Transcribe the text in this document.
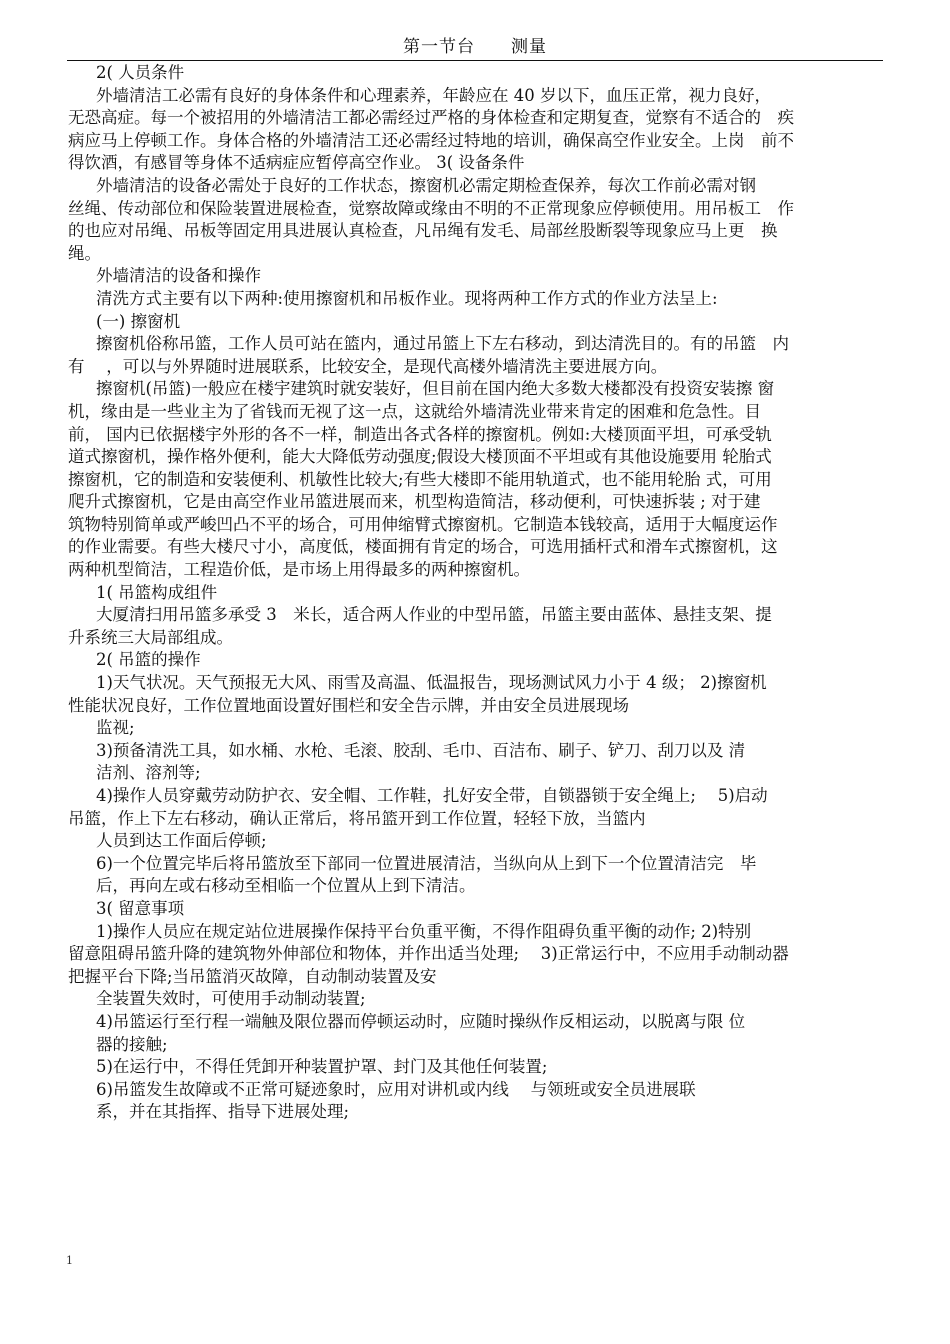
第一节台　　测量

2( 人员条件

外墙清洁工必需有良好的身体条件和心理素养，年龄应在 40 岁以下，血压正常，视力良好，

无恐高症。每一个被招用的外墙清洁工都必需经过严格的身体检查和定期复查，觉察有不适合的　疾

病应马上停顿工作。身体合格的外墙清洁工还必需经过特地的培训，确保高空作业安全。上岗　前不

得饮酒，有感冒等身体不适病症应暂停高空作业。 3( 设备条件

外墙清洁的设备必需处于良好的工作状态，擦窗机必需定期检查保养，每次工作前必需对钢

丝绳、传动部位和保险装置进展检查，觉察故障或缘由不明的不正常现象应停顿使用。用吊板工　作

的也应对吊绳、吊板等固定用具进展认真检查，凡吊绳有发毛、局部丝股断裂等现象应马上更　换

绳。

外墙清洁的设备和操作

清洗方式主要有以下两种:使用擦窗机和吊板作业。现将两种工作方式的作业方法呈上:

(一) 擦窗机

擦窗机俗称吊篮，工作人员可站在篮内，通过吊篮上下左右移动，到达清洗目的。有的吊篮　内

有　 ，可以与外界随时进展联系，比较安全，是现代高楼外墙清洗主要进展方向。

擦窗机(吊篮)一般应在楼宇建筑时就安装好，但目前在国内绝大多数大楼都没有投资安装擦 窗

机，缘由是一些业主为了省钱而无视了这一点，这就给外墙清洗业带来肯定的困难和危急性。目

前， 国内已依据楼宇外形的各不一样，制造出各式各样的擦窗机。例如:大楼顶面平坦，可承受轨

道式擦窗机，操作格外便利，能大大降低劳动强度;假设大楼顶面不平坦或有其他设施要用 轮胎式

擦窗机，它的制造和安装便利、机敏性比较大;有些大楼即不能用轨道式，也不能用轮胎 式，可用

爬升式擦窗机，它是由高空作业吊篮进展而来，机型构造简洁，移动便利，可快速拆装 ; 对于建

筑物特别简单或严峻凹凸不平的场合，可用伸缩臂式擦窗机。它制造本钱较高，适用于大幅度运作

的作业需要。有些大楼尺寸小，高度低，楼面拥有肯定的场合，可选用插杆式和滑车式擦窗机，这

两种机型简洁，工程造价低，是市场上用得最多的两种擦窗机。

1( 吊篮构成组件

大厦清扫用吊篮多承受 3　米长，适合两人作业的中型吊篮，吊篮主要由蓝体、悬挂支架、提

升系统三大局部组成。

2( 吊篮的操作

1)天气状况。天气预报无大风、雨雪及高温、低温报告，现场测试风力小于 4 级； 2)擦窗机

性能状况良好，工作位置地面设置好围栏和安全告示牌，并由安全员进展现场

监视;

3)预备清洗工具，如水桶、水枪、毛滚、胶刮、毛巾、百洁布、刷子、铲刀、刮刀以及 清

洁剂、溶剂等;

4)操作人员穿戴劳动防护衣、安全帽、工作鞋，扎好安全带，自锁器锁于安全绳上;　 5)启动

吊篮，作上下左右移动，确认正常后，将吊篮开到工作位置，轻轻下放，当篮内

人员到达工作面后停顿;

6)一个位置完毕后将吊篮放至下部同一位置进展清洁，当纵向从上到下一个位置清洁完　毕

后，再向左或右移动至相临一个位置从上到下清洁。

3( 留意事项

1)操作人员应在规定站位进展操作保持平台负重平衡，不得作阻碍负重平衡的动作; 2)特别

留意阻碍吊篮升降的建筑物外伸部位和物体，并作出适当处理;　 3)正常运行中，不应用手动制动器

把握平台下降;当吊篮消灭故障，自动制动装置及安

全装置失效时，可使用手动制动装置;

4)吊篮运行至行程一端触及限位器而停顿运动时，应随时操纵作反相运动，以脱离与限 位

器的接触;

5)在运行中，不得任凭卸开种装置护罩、封门及其他任何装置;

6)吊篮发生故障或不正常可疑迹象时，应用对讲机或内线　 与领班或安全员进展联

系，并在其指挥、指导下进展处理;

1
